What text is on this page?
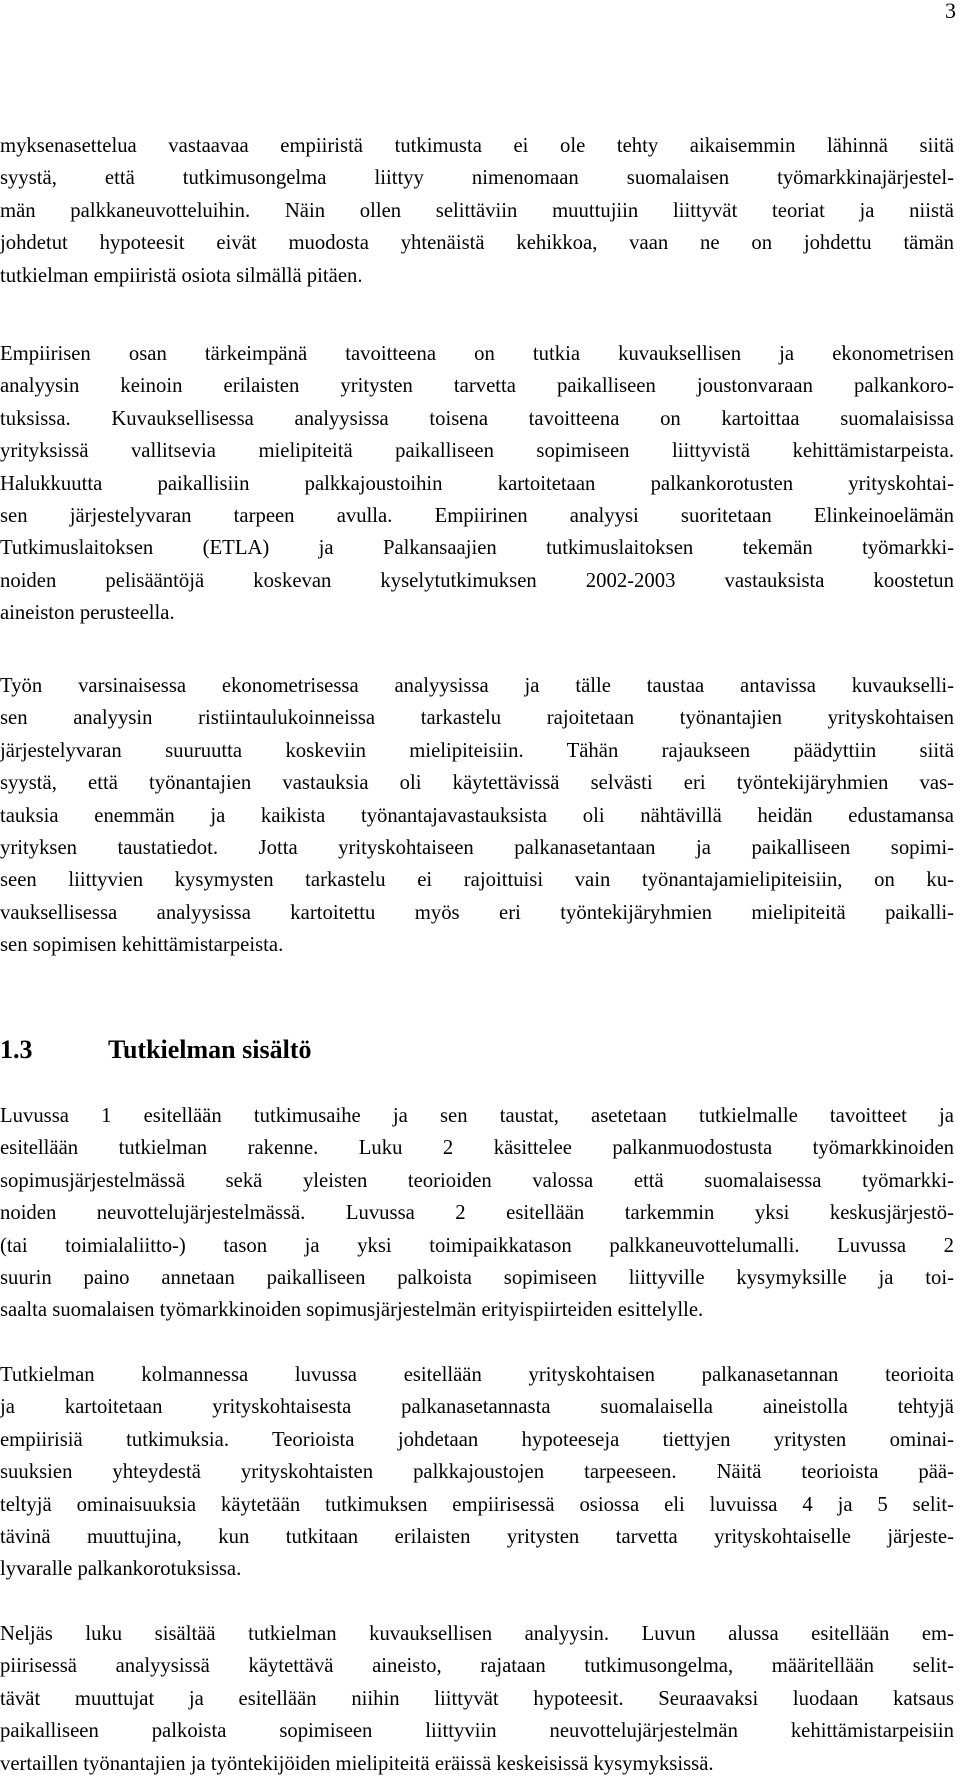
3

myksenasettelua vastaavaa empiiristä tutkimusta ei ole tehty aikaisemmin lähinnä siitä
syystä, että tutkimusongelma liittyy nimenomaan suomalaisen työmarkkinajärjestel-
män palkkaneuvotteluihin. Näin ollen selittäviin muuttujiin liittyvät teoriat ja niistä
johdetut hypoteesit eivät muodosta yhtenäistä kehikkoa, vaan ne on johdettu tämän
tutkielman empiiristä osiota silmällä pitäen.

Empiirisen osan tärkeimpänä tavoitteena on tutkia kuvauksellisen ja ekonometrisen
analyysin keinoin erilaisten yritysten tarvetta paikalliseen joustonvaraan palkankoro-
tuksissa. Kuvauksellisessa analyysissa toisena tavoitteena on kartoittaa suomalaisissa
yrityksissä vallitsevia mielipiteitä paikalliseen sopimiseen liittyvistä kehittämistarpeista.
Halukkuutta paikallisiin palkkajoustoihin kartoitetaan palkankorotusten yrityskohtai-
sen järjestelyvaran tarpeen avulla. Empiirinen analyysi suoritetaan Elinkeinoelämän
Tutkimuslaitoksen (ETLA) ja Palkansaajien tutkimuslaitoksen tekemän työmarkki-
noiden pelisääntöjä koskevan kyselytutkimuksen 2002-2003 vastauksista koostetun
aineiston perusteella.

Työn varsinaisessa ekonometrisessa analyysissa ja tälle taustaa antavissa kuvaukselli-
sen analyysin ristiintaulukoinneissa tarkastelu rajoitetaan työnantajien yrityskohtaisen
järjestelyvaran suuruutta koskeviin mielipiteisiin. Tähän rajaukseen päädyttiin siitä
syystä, että työnantajien vastauksia oli käytettävissä selvästi eri työntekijäryhmien vas-
tauksia enemmän ja kaikista työnantajavastauksista oli nähtävillä heidän edustamansa
yrityksen taustatiedot. Jotta yrityskohtaiseen palkanasetantaan ja paikalliseen sopimi-
seen liittyvien kysymysten tarkastelu ei rajoittuisi vain työnantajamielipiteisiin, on ku-
vauksellisessa analyysissa kartoitettu myös eri työntekijäryhmien mielipiteitä paikalli-
sen sopimisen kehittämistarpeista.

1.3	Tutkielman sisältö

Luvussa 1 esitellään tutkimusaihe ja sen taustat, asetetaan tutkielmalle tavoitteet ja
esitellään tutkielman rakenne. Luku 2 käsittelee palkanmuodostusta työmarkkinoiden
sopimusjärjestelmässä sekä yleisten teorioiden valossa että suomalaisessa työmarkki-
noiden neuvottelujärjestelmässä. Luvussa 2 esitellään tarkemmin yksi keskusjärjestö-
(tai toimialaliitto-) tason ja yksi toimipaikkatason palkkaneuvottelumalli. Luvussa 2
suurin paino annetaan paikalliseen palkoista sopimiseen liittyville kysymyksille ja toi-
saalta suomalaisen työmarkkinoiden sopimusjärjestelmän erityispiirteiden esittelylle.

Tutkielman kolmannessa luvussa esitellään yrityskohtaisen palkanasetannan teorioita
ja kartoitetaan yrityskohtaisesta palkanasetannasta suomalaisella aineistolla tehtyjä
empiirisiä tutkimuksia. Teorioista johdetaan hypoteeseja tiettyjen yritysten ominai-
suuksien yhteydestä yrityskohtaisten palkkajoustojen tarpeeseen. Näitä teorioista pää-
teltyjä ominaisuuksia käytetään tutkimuksen empiirisessä osiossa eli luvuissa 4 ja 5 selit-
tävinä muuttujina, kun tutkitaan erilaisten yritysten tarvetta yrityskohtaiselle järjeste-
lyvaralle palkankorotuksissa.

Neljäs luku sisältää tutkielman kuvauksellisen analyysin. Luvun alussa esitellään em-
piirisessä analyysissä käytettävä aineisto, rajataan tutkimusongelma, määritellään selit-
tävät muuttujat ja esitellään niihin liittyvät hypoteesit. Seuraavaksi luodaan katsaus
paikalliseen palkoista sopimiseen liittyviin neuvottelujärjestelmän kehittämistarpeisiin
vertaillen työnantajien ja työntekijöiden mielipiteitä eräissä keskeisissä kysymyksissä.
